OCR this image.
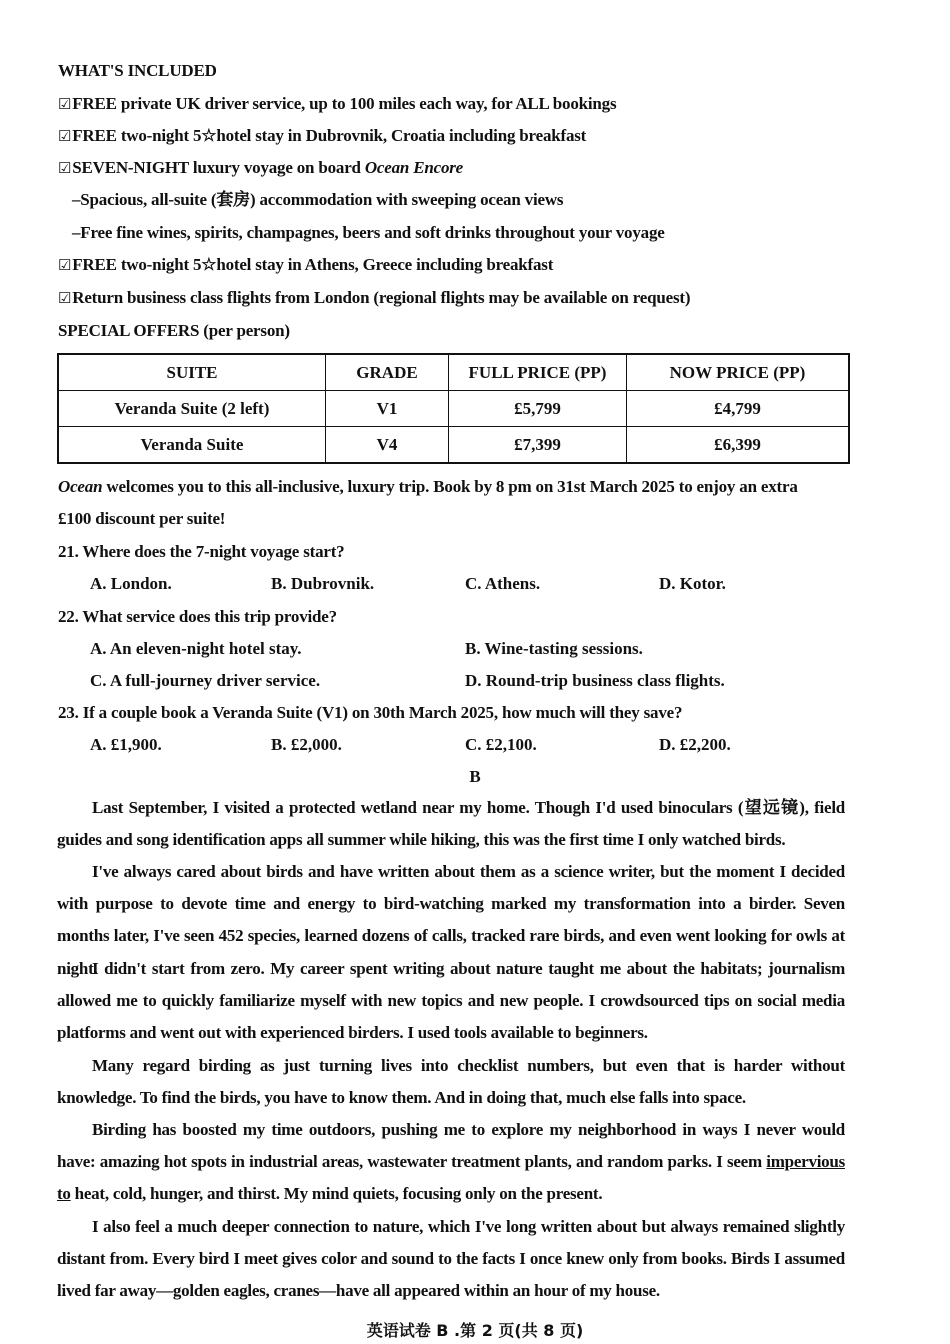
WHAT'S INCLUDED
☑FREE private UK driver service, up to 100 miles each way, for ALL bookings
☑FREE two-night 5☆hotel stay in Dubrovnik, Croatia including breakfast
☑SEVEN-NIGHT luxury voyage on board Ocean Encore
–Spacious, all-suite (套房) accommodation with sweeping ocean views
–Free fine wines, spirits, champagnes, beers and soft drinks throughout your voyage
☑FREE two-night 5☆hotel stay in Athens, Greece including breakfast
☑Return business class flights from London (regional flights may be available on request)
SPECIAL OFFERS (per person)
SUITE	GRADE	FULL PRICE (PP)	NOW PRICE (PP)
Veranda Suite (2 left)	V1	£5,799	£4,799
Veranda Suite	V4	£7,399	£6,399
Ocean welcomes you to this all-inclusive, luxury trip. Book by 8 pm on 31st March 2025 to enjoy an extra
£100 discount per suite!
21. Where does the 7-night voyage start?
A. London.	B. Dubrovnik.	C. Athens.	D. Kotor.
22. What service does this trip provide?
A. An eleven-night hotel stay.	B. Wine-tasting sessions.
C. A full-journey driver service.	D. Round-trip business class flights.
23. If a couple book a Veranda Suite (V1) on 30th March 2025, how much will they save?
A. £1,900.	B. £2,000.	C. £2,100.	D. £2,200.
B
Last September, I visited a protected wetland near my home. Though I'd used binoculars (望远镜), field guides and song identification apps all summer while hiking, this was the first time I only watched birds.
I've always cared about birds and have written about them as a science writer, but the moment I decided with purpose to devote time and energy to bird-watching marked my transformation into a birder. Seven months later, I've seen 452 species, learned dozens of calls, tracked rare birds, and even went looking for owls at night.
I didn't start from zero. My career spent writing about nature taught me about the habitats; journalism allowed me to quickly familiarize myself with new topics and new people. I crowdsourced tips on social media platforms and went out with experienced birders. I used tools available to beginners.
Many regard birding as just turning lives into checklist numbers, but even that is harder without knowledge. To find the birds, you have to know them. And in doing that, much else falls into space.
Birding has boosted my time outdoors, pushing me to explore my neighborhood in ways I never would have: amazing hot spots in industrial areas, wastewater treatment plants, and random parks. I seem impervious to heat, cold, hunger, and thirst. My mind quiets, focusing only on the present.
I also feel a much deeper connection to nature, which I've long written about but always remained slightly distant from. Every bird I meet gives color and sound to the facts I once knew only from books. Birds I assumed lived far away—golden eagles, cranes—have all appeared within an hour of my house.
英语试卷 B .第 2 页(共 8 页)
